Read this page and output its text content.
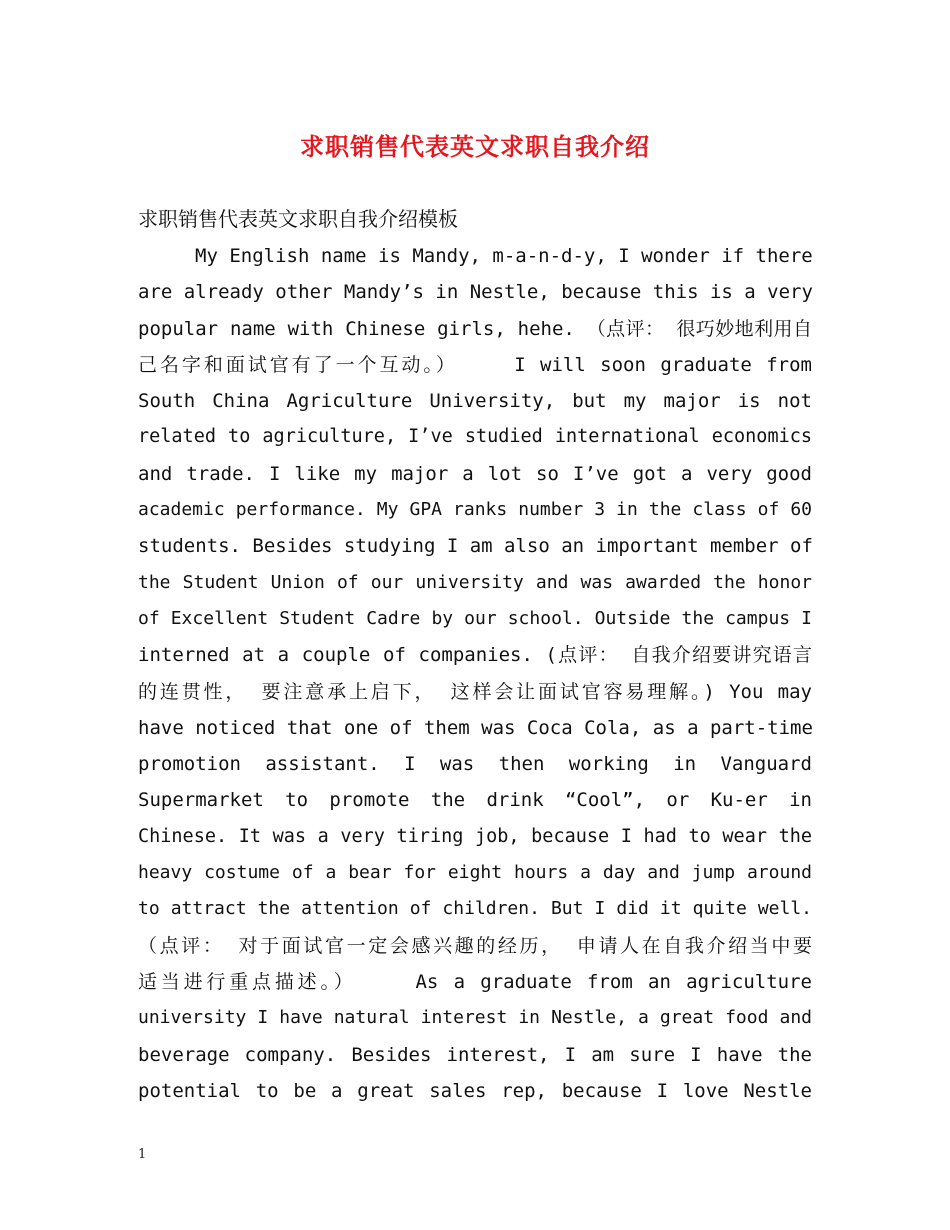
求职销售代表英文求职自我介绍
求职销售代表英文求职自我介绍模板
　　　My English name is Mandy, m-a-n-d-y, I wonder if there
are already other Mandy’s in Nestle, because this is a very
popular name with Chinese girls, hehe. （点评： 很巧妙地利用自
己名字和面试官有了一个互动。）　　　I will soon graduate from
South China Agriculture University, but my major is not
related to agriculture, I’ve studied international economics
and trade. I like my major a lot so I’ve got a very good
academic performance. My GPA ranks number 3 in the class of 60
students. Besides studying I am also an important member of
the Student Union of our university and was awarded the honor
of Excellent Student Cadre by our school. Outside the campus I
interned at a couple of companies. (点评： 自我介绍要讲究语言
的连贯性， 要注意承上启下， 这样会让面试官容易理解。) You may
have noticed that one of them was Coca Cola, as a part-time
promotion assistant. I was then working in Vanguard
Supermarket to promote the drink “Cool”, or Ku-er in
Chinese. It was a very tiring job, because I had to wear the
heavy costume of a bear for eight hours a day and jump around
to attract the attention of children. But I did it quite well.
（点评： 对于面试官一定会感兴趣的经历， 申请人在自我介绍当中要
适当进行重点描述。）　　　As a graduate from an agriculture
university I have natural interest in Nestle, a great food and
beverage company. Besides interest, I am sure I have the
potential to be a great sales rep, because I love Nestle
1
